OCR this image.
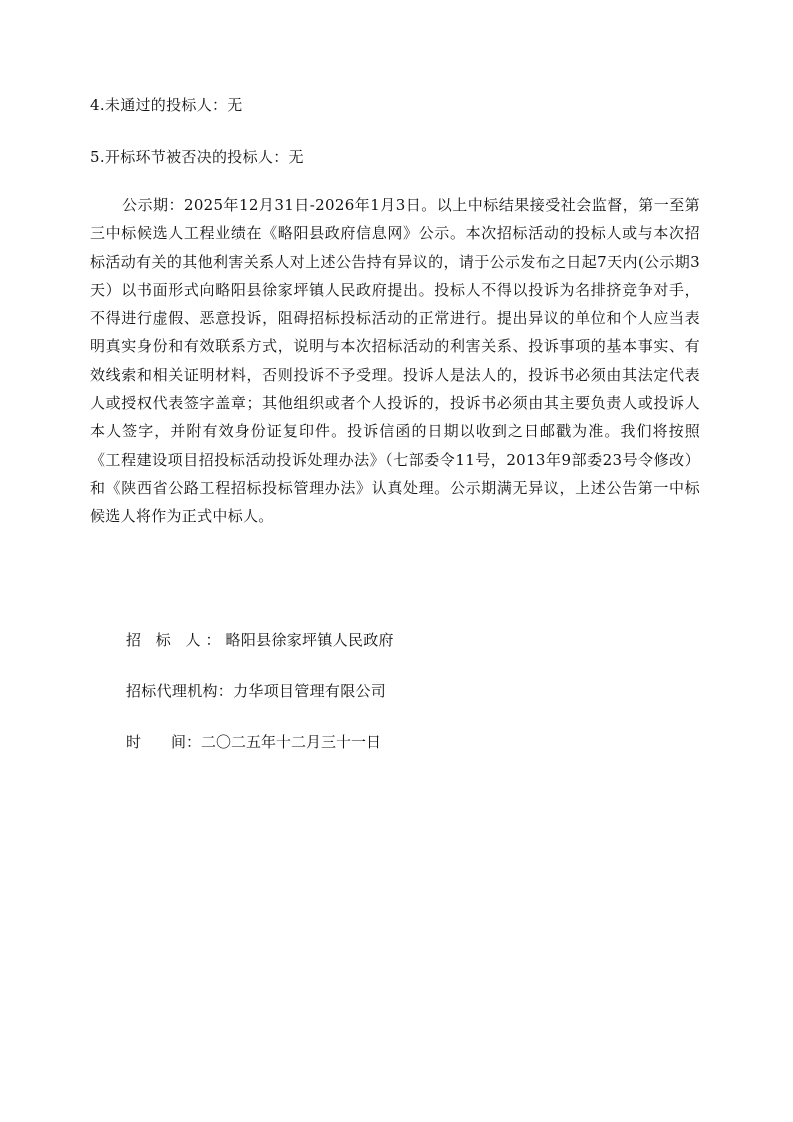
4.未通过的投标人：无
5.开标环节被否决的投标人：无
公示期：2025年12月31日-2026年1月3日。以上中标结果接受社会监督，第一至第三中标候选人工程业绩在《略阳县政府信息网》公示。本次招标活动的投标人或与本次招标活动有关的其他利害关系人对上述公告持有异议的，请于公示发布之日起7天内(公示期3天）以书面形式向略阳县徐家坪镇人民政府提出。投标人不得以投诉为名排挤竞争对手，不得进行虚假、恶意投诉，阻碍招标投标活动的正常进行。提出异议的单位和个人应当表明真实身份和有效联系方式，说明与本次招标活动的利害关系、投诉事项的基本事实、有效线索和相关证明材料，否则投诉不予受理。投诉人是法人的，投诉书必须由其法定代表人或授权代表签字盖章；其他组织或者个人投诉的，投诉书必须由其主要负责人或投诉人本人签字，并附有效身份证复印件。投诉信函的日期以收到之日邮戳为准。我们将按照《工程建设项目招投标活动投诉处理办法》（七部委令11号，2013年9部委23号令修改）和《陕西省公路工程招标投标管理办法》认真处理。公示期满无异议，上述公告第一中标候选人将作为正式中标人。
招 标 人：略阳县徐家坪镇人民政府
招标代理机构：力华项目管理有限公司
时 间：二〇二五年十二月三十一日
